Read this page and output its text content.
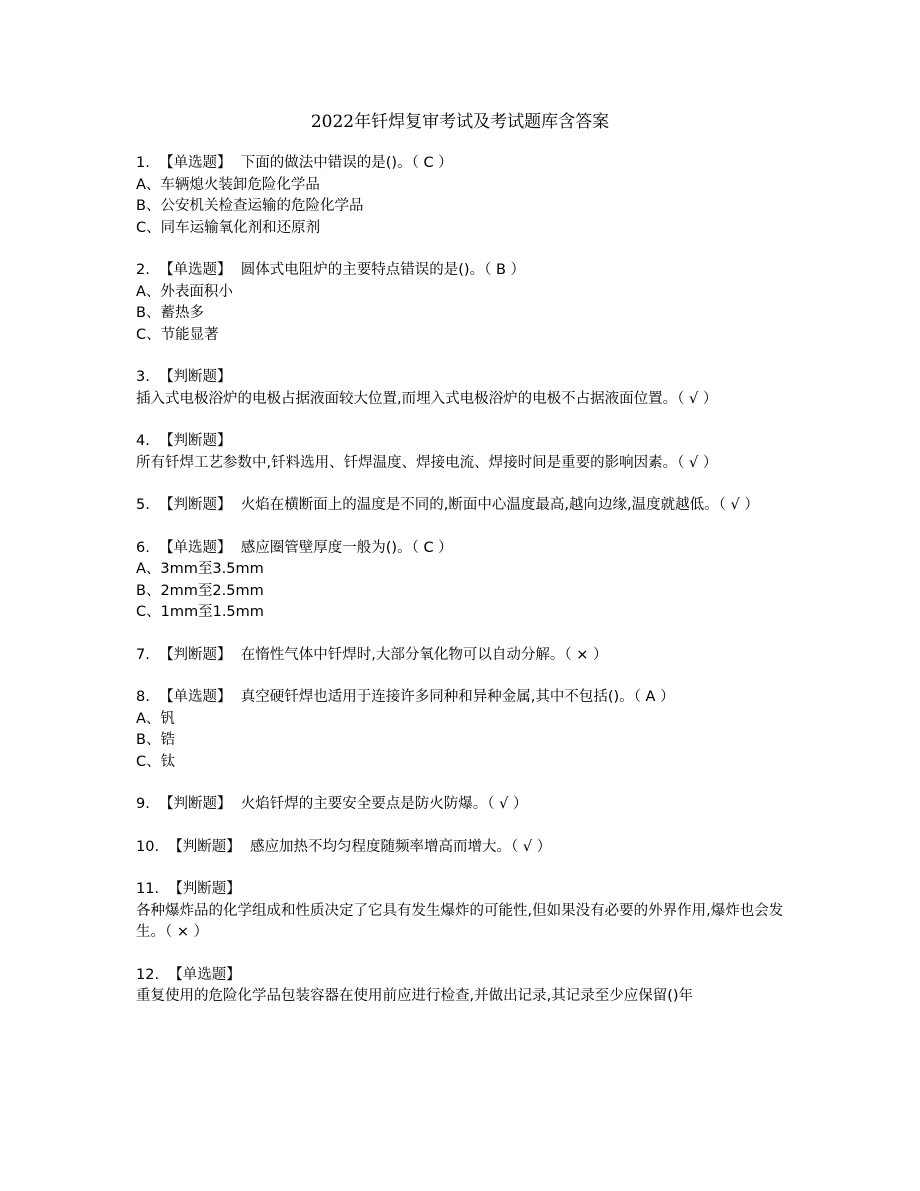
2022年钎焊复审考试及考试题库含答案
1. 【单选题】 下面的做法中错误的是()。（ C ）
A、车辆熄火装卸危险化学品
B、公安机关检查运输的危险化学品
C、同车运输氧化剂和还原剂
2. 【单选题】 圆体式电阻炉的主要特点错误的是()。（ B ）
A、外表面积小
B、蓄热多
C、节能显著
3. 【判断题】
插入式电极浴炉的电极占据液面较大位置,而埋入式电极浴炉的电极不占据液面位置。（ √ ）
4. 【判断题】
所有钎焊工艺参数中,钎料选用、钎焊温度、焊接电流、焊接时间是重要的影响因素。（ √ ）
5. 【判断题】 火焰在横断面上的温度是不同的,断面中心温度最高,越向边缘,温度就越低。（ √ ）
6. 【单选题】 感应圈管壁厚度一般为()。（ C ）
A、3mm至3.5mm
B、2mm至2.5mm
C、1mm至1.5mm
7. 【判断题】 在惰性气体中钎焊时,大部分氧化物可以自动分解。（ × ）
8. 【单选题】 真空硬钎焊也适用于连接许多同种和异种金属,其中不包括()。（ A ）
A、钒
B、锆
C、钛
9. 【判断题】 火焰钎焊的主要安全要点是防火防爆。（ √ ）
10. 【判断题】 感应加热不均匀程度随频率增高而增大。（ √ ）
11. 【判断题】
各种爆炸品的化学组成和性质决定了它具有发生爆炸的可能性,但如果没有必要的外界作用,爆炸也会发生。（ × ）
12. 【单选题】
重复使用的危险化学品包装容器在使用前应进行检查,并做出记录,其记录至少应保留()年
